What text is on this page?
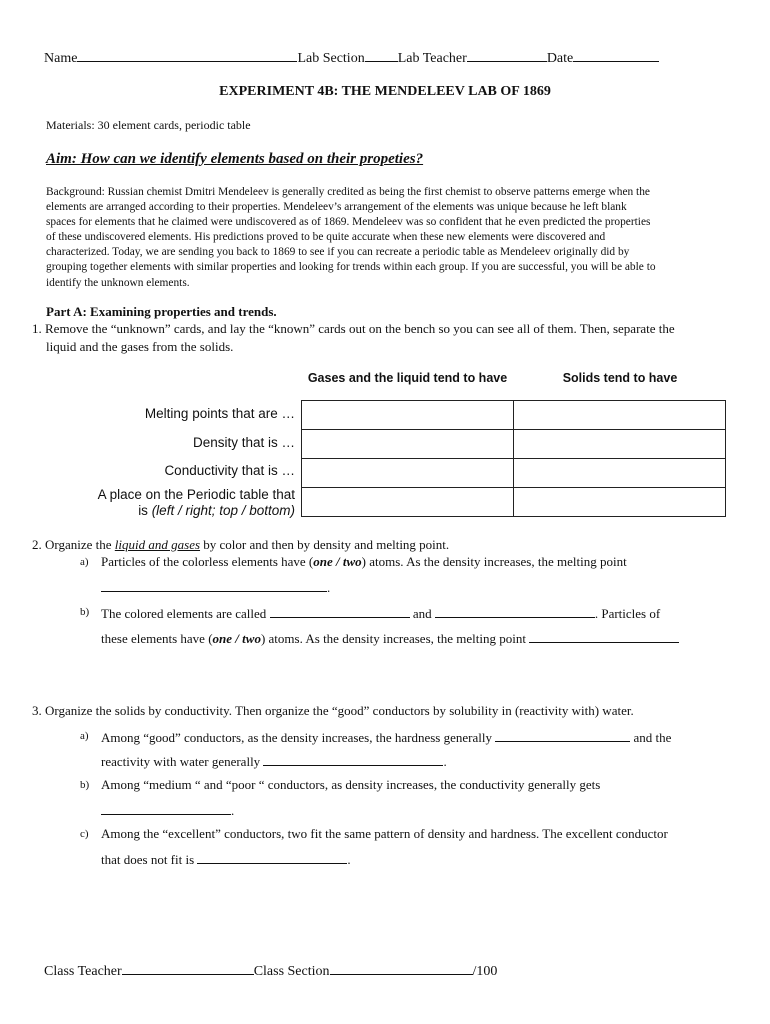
Name	Lab Section Lab Teacher	Date
EXPERIMENT 4B: THE MENDELEEV LAB OF 1869
Materials: 30 element cards, periodic table
Aim: How can we identify elements based on their propeties?
Background: Russian chemist Dmitri Mendeleev is generally credited as being the first chemist to observe patterns emerge when the
elements are arranged according to their properties. Mendeleev’s arrangement of the elements was unique because he left blank
spaces for elements that he claimed were undiscovered as of 1869. Mendeleev was so confident that he even predicted the properties
of these undiscovered elements. His predictions proved to be quite accurate when these new elements were discovered and
characterized. Today, we are sending you back to 1869 to see if you can recreate a periodic table as Mendeleev originally did by
grouping together elements with similar properties and looking for trends within each group. If you are successful, you will be able to
identify the unknown elements.
Part A: Examining properties and trends.
1. Remove the “unknown” cards, and lay the “known” cards out on the bench so you can see all of them. Then, separate the
liquid and the gases from the solids.
Gases and the liquid tend to have	Solids tend to have
Melting points that are …
Density that is …
Conductivity that is …
A place on the Periodic table that
is (left / right; top / bottom)

2. Organize the liquid and gases by color and then by density and melting point.
a) Particles of the colorless elements have (one / two) atoms. As the density increases, the melting point
.
b) The colored elements are called	and	. Particles of
these elements have (one / two) atoms. As the density increases, the melting point
3. Organize the solids by conductivity. Then organize the “good” conductors by solubility in (reactivity with) water.
a) Among “good” conductors, as the density increases, the hardness generally	and the
reactivity with water generally	.
b) Among “medium “ and “poor “ conductors, as density increases, the conductivity generally gets
.
c) Among the “excellent” conductors, two fit the same pattern of density and hardness. The excellent conductor
that does not fit is	.
Class Teacher	Class Section	/100
